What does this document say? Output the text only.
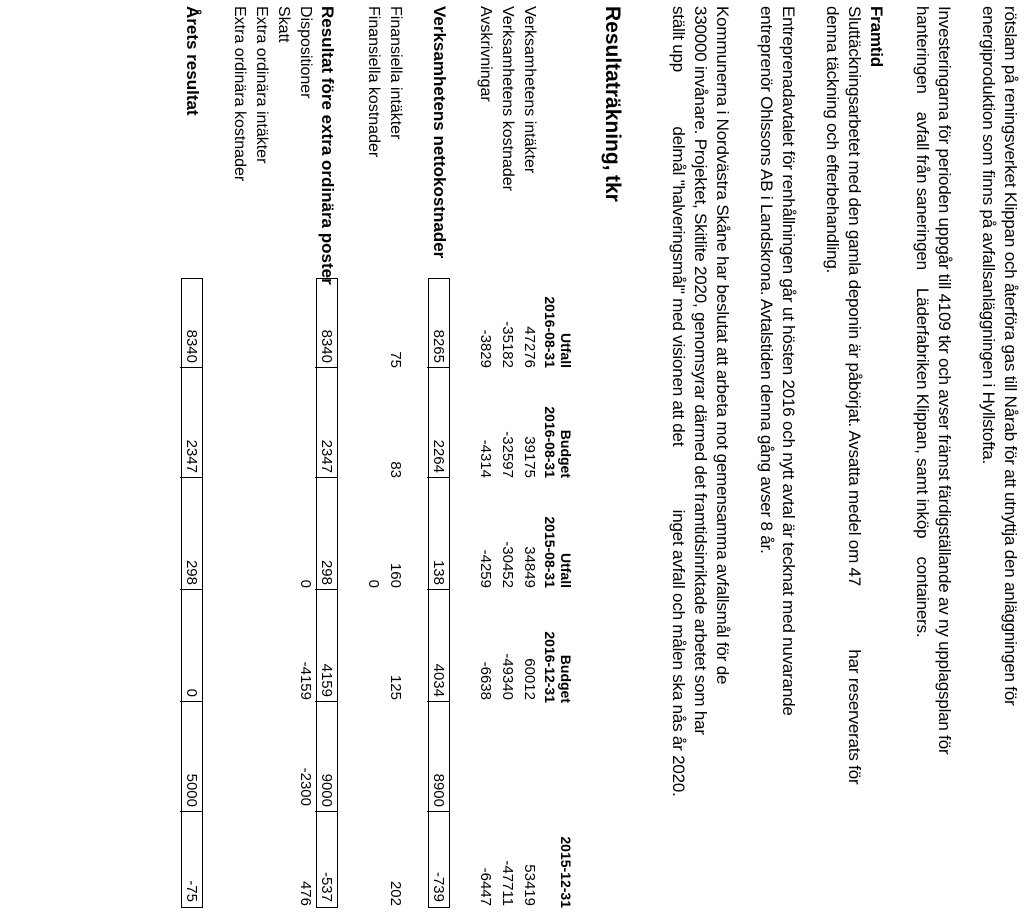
rötslam på reningsverket Klippan och återföra gas till Nårab för att utnyttja den anläggningen för
energiproduktion som finns på avfallsanläggningen i Hyllstofta.
Investeringarna för perioden uppgår till 4109 tkr och avser främst färdigställande av ny upplagsplan för
hanteringen    avfall från saneringen    Läderfabriken Klippan, samt inköp    containers.
Framtid
Sluttäckningsarbetet med den gamla deponin är påbörjat. Avsatta medel om 47              har reserverats för
denna täckning och efterbehandling.
Entreprenadavtalet för renhållningen går ut hösten 2016 och nytt avtal är tecknat med nuvarande
entreprenör Ohlssons AB i Landskrona. Avtalstiden denna gång avser 8 år.
Kommunerna i Nordvästra Skåne har beslutat att arbeta mot gemensamma avfallsmål för de
330000 invånare. Projektet, Skitlite 2020, genomsyrar därmed det framtidsinriktade arbetet som har
ställt upp            delmål "halveringsmål" med visionen att det              inget avfall och målen ska nås år 2020.
Resultaträkning, tkr
Utfall
2016-08-31
Budget
2016-08-31
Utfall
2015-08-31
Budget
2016-12-31
2015-12-31
Verksamhetens intäkter
47276
39175
34849
60012
53419
Verksamhetens kostnader
-35182
-32597
-30452
-49340
-47711
Avskrivningar
-3829
-4314
-4259
-6638
-6447
Verksamhetens nettokostnader
8265
2264
138
4034
8900
-739
Finansiella intäkter
75
83
160
125
202
Finansiella kostnader
0
Resultat före extra ordinära poster
8340
2347
298
4159
9000
-537
Dispositioner
0
-4159
-2300
476
Skatt
Extra ordinära intäkter
Extra ordinära kostnader
Årets resultat
8340
2347
298
0
5000
-75
